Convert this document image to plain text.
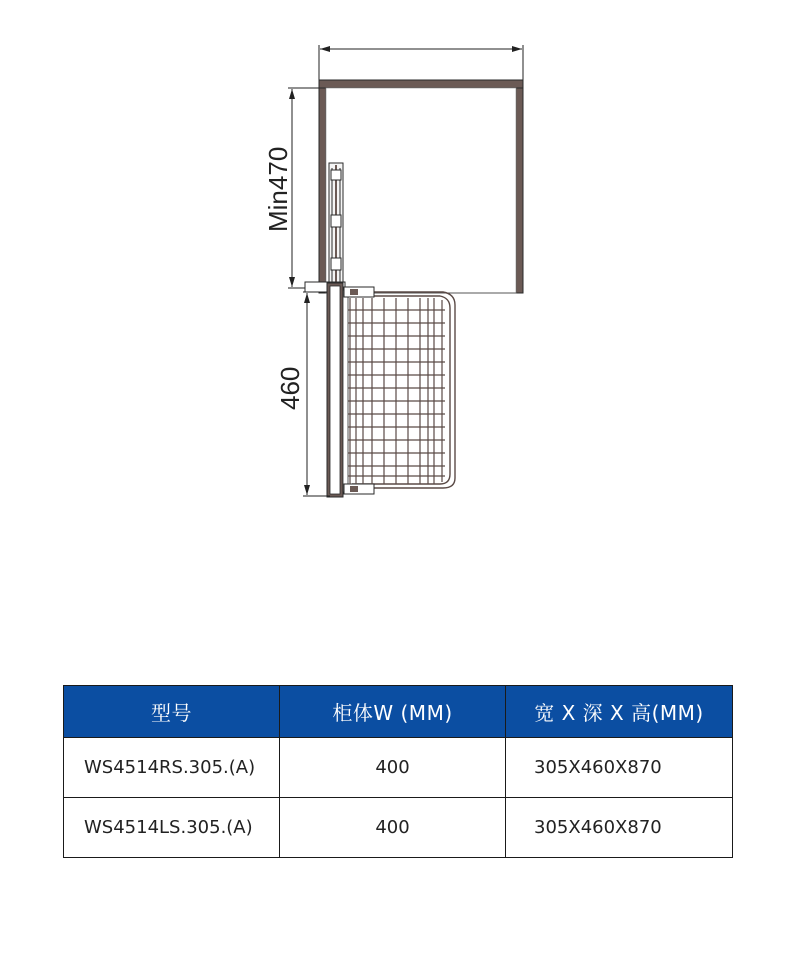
Min470
460
型号	柜体W (MM)	宽 X 深 X 高(MM)
WS4514RS.305.(A)	400	305X460X870
WS4514LS.305.(A)	400	305X460X870
